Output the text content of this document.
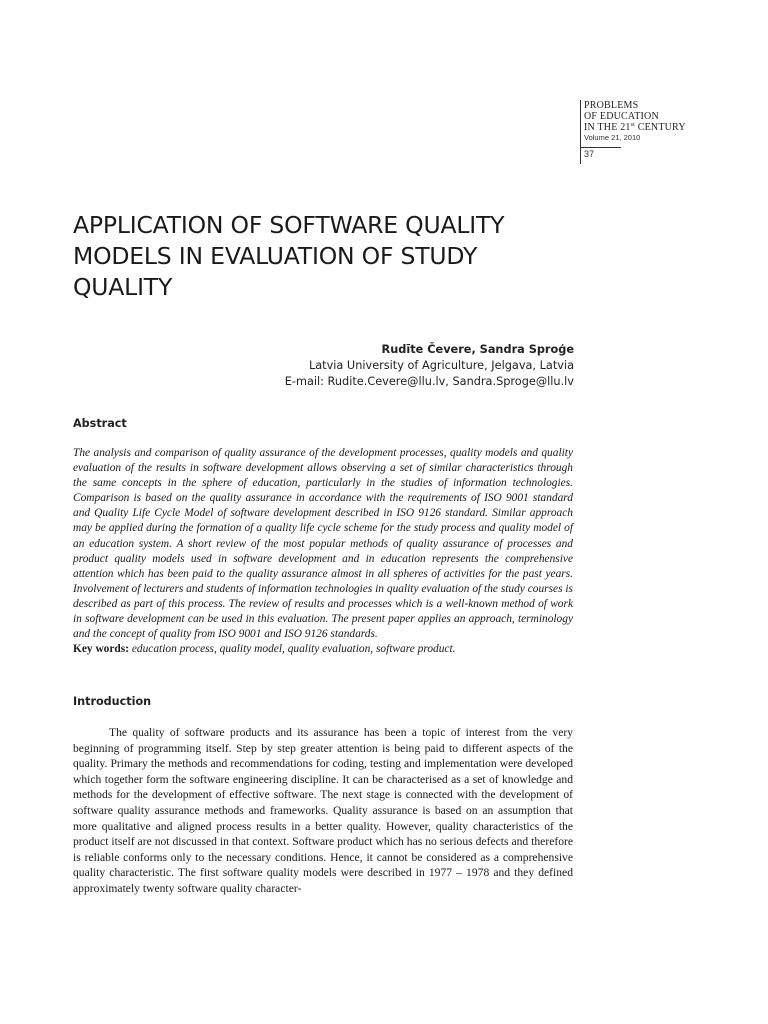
PROBLEMS
OF EDUCATION
IN THE 21st CENTURY
Volume 21, 2010
37
APPLICATION OF SOFTWARE QUALITY MODELS IN EVALUATION OF STUDY QUALITY
Rudīte Čevere, Sandra Sproģe
Latvia University of Agriculture, Jelgava, Latvia
E-mail: Rudite.Cevere@llu.lv, Sandra.Sproge@llu.lv
Abstract
The analysis and comparison of quality assurance of the development processes, quality models and quality evaluation of the results in software development allows observing a set of similar characteristics through the same concepts in the sphere of education, particularly in the studies of information technologies. Comparison is based on the quality assurance in accordance with the requirements of ISO 9001 standard and Quality Life Cycle Model of software development described in ISO 9126 standard. Similar approach may be applied during the formation of a quality life cycle scheme for the study process and quality model of an education system. A short review of the most popular methods of quality assurance of processes and product quality models used in software development and in education represents the comprehensive attention which has been paid to the quality assurance almost in all spheres of activities for the past years. Involvement of lecturers and students of information technologies in quality evaluation of the study courses is described as part of this process. The review of results and processes which is a well-known method of work in software development can be used in this evaluation. The present paper applies an approach, terminology and the concept of quality from ISO 9001 and ISO 9126 standards.
Key words: education process, quality model, quality evaluation, software product.
Introduction
The quality of software products and its assurance has been a topic of interest from the very beginning of programming itself. Step by step greater attention is being paid to different aspects of the quality. Primary the methods and recommendations for coding, testing and implementation were developed which together form the software engineering discipline. It can be characterised as a set of knowledge and methods for the development of effective software. The next stage is connected with the development of software quality assurance methods and frameworks. Quality assurance is based on an assumption that more qualitative and aligned process results in a better quality. However, quality characteristics of the product itself are not discussed in that context. Software product which has no serious defects and therefore is reliable conforms only to the necessary conditions. Hence, it cannot be considered as a comprehensive quality characteristic. The first software quality models were described in 1977 – 1978 and they defined approximately twenty software quality character-
